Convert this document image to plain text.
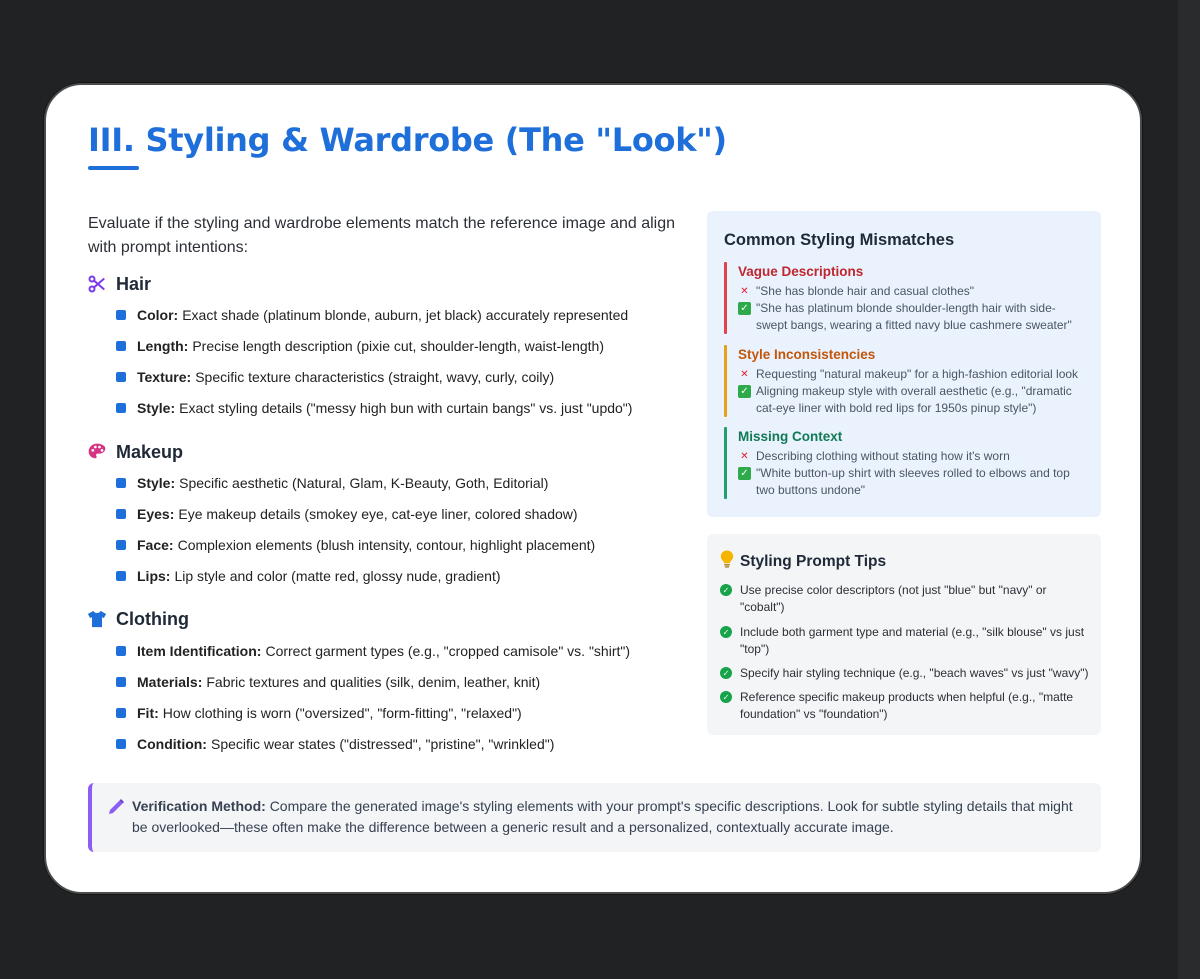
III. Styling & Wardrobe (The "Look")

Evaluate if the styling and wardrobe elements match the reference image and align with prompt intentions:

Hair
Color: Exact shade (platinum blonde, auburn, jet black) accurately represented
Length: Precise length description (pixie cut, shoulder-length, waist-length)
Texture: Specific texture characteristics (straight, wavy, curly, coily)
Style: Exact styling details ("messy high bun with curtain bangs" vs. just "updo")
Makeup
Style: Specific aesthetic (Natural, Glam, K-Beauty, Goth, Editorial)
Eyes: Eye makeup details (smokey eye, cat-eye liner, colored shadow)
Face: Complexion elements (blush intensity, contour, highlight placement)
Lips: Lip style and color (matte red, glossy nude, gradient)
Clothing
Item Identification: Correct garment types (e.g., "cropped camisole" vs. "shirt")
Materials: Fabric textures and qualities (silk, denim, leather, knit)
Fit: How clothing is worn ("oversized", "form-fitting", "relaxed")
Condition: Specific wear states ("distressed", "pristine", "wrinkled")
Common Styling Mismatches
Vague Descriptions
✕ "She has blonde hair and casual clothes"
✓ "She has platinum blonde shoulder-length hair with side-swept bangs, wearing a fitted navy blue cashmere sweater"
Style Inconsistencies
✕ Requesting "natural makeup" for a high-fashion editorial look
✓ Aligning makeup style with overall aesthetic (e.g., "dramatic cat-eye liner with bold red lips for 1950s pinup style")
Missing Context
✕ Describing clothing without stating how it's worn
✓ "White button-up shirt with sleeves rolled to elbows and top two buttons undone"
Styling Prompt Tips
✓ Use precise color descriptors (not just "blue" but "navy" or "cobalt")
✓ Include both garment type and material (e.g., "silk blouse" vs just "top")
✓ Specify hair styling technique (e.g., "beach waves" vs just "wavy")
✓ Reference specific makeup products when helpful (e.g., "matte foundation" vs "foundation")

Verification Method: Compare the generated image's styling elements with your prompt's specific descriptions. Look for subtle styling details that might be overlooked—these often make the difference between a generic result and a personalized, contextually accurate image.
